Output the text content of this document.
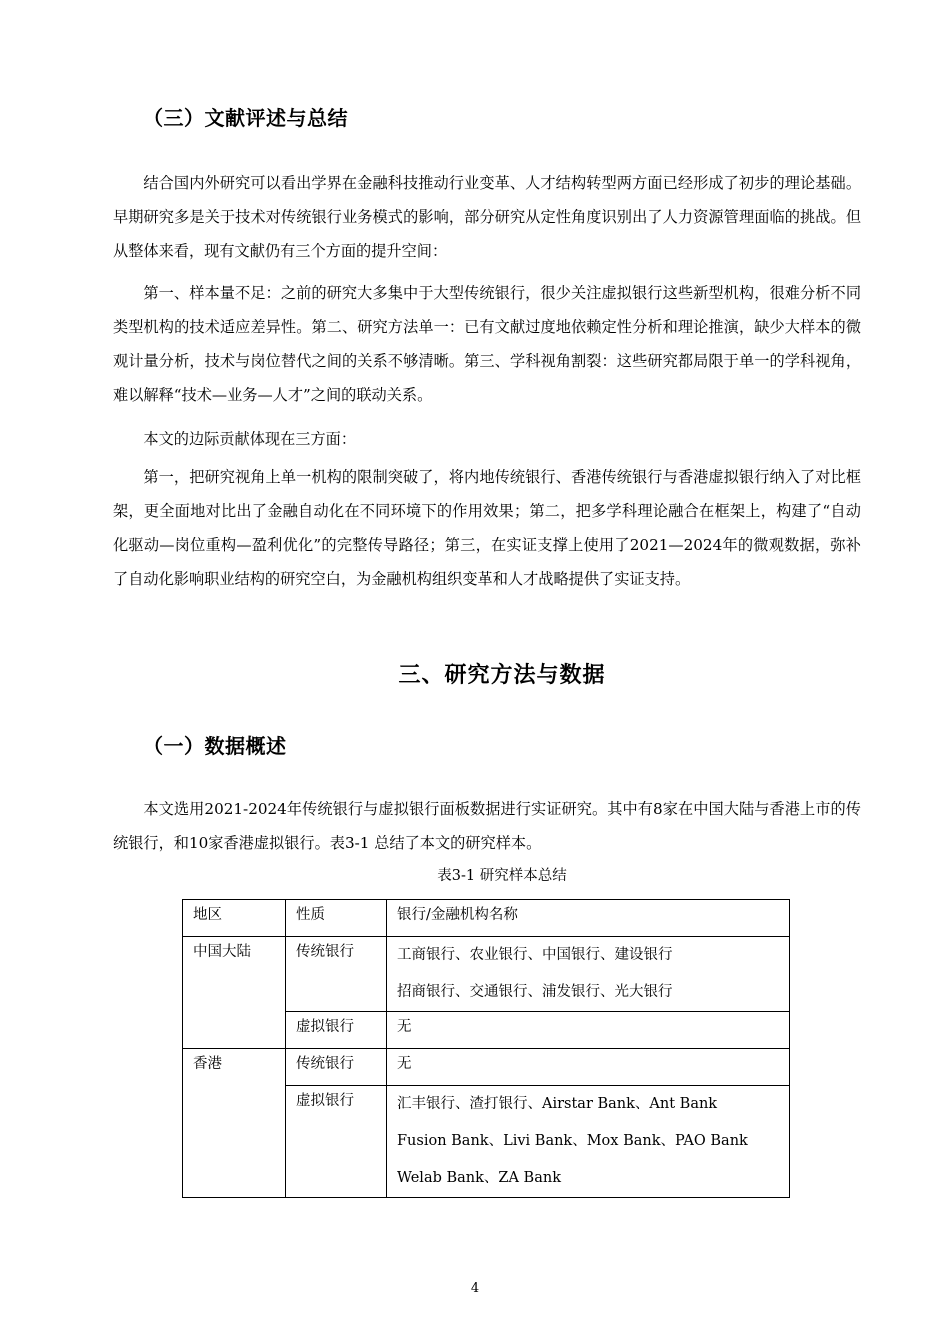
（三）文献评述与总结

结合国内外研究可以看出学界在金融科技推动行业变革、人才结构转型两方面已经形成了初步的理论基础。早期研究多是关于技术对传统银行业务模式的影响，部分研究从定性角度识别出了人力资源管理面临的挑战。但从整体来看，现有文献仍有三个方面的提升空间：

第一、样本量不足：之前的研究大多集中于大型传统银行，很少关注虚拟银行这些新型机构，很难分析不同类型机构的技术适应差异性。第二、研究方法单一：已有文献过度地依赖定性分析和理论推演，缺少大样本的微观计量分析，技术与岗位替代之间的关系不够清晰。第三、学科视角割裂：这些研究都局限于单一的学科视角，难以解释“技术—业务—人才”之间的联动关系。

本文的边际贡献体现在三方面：

第一，把研究视角上单一机构的限制突破了，将内地传统银行、香港传统银行与香港虚拟银行纳入了对比框架，更全面地对比出了金融自动化在不同环境下的作用效果；第二，把多学科理论融合在框架上，构建了“自动化驱动—岗位重构—盈利优化”的完整传导路径；第三，在实证支撑上使用了2021—2024年的微观数据，弥补了自动化影响职业结构的研究空白，为金融机构组织变革和人才战略提供了实证支持。

三、研究方法与数据
（一）数据概述

本文选用2021-2024年传统银行与虚拟银行面板数据进行实证研究。其中有8家在中国大陆与香港上市的传统银行，和10家香港虚拟银行。表3-1 总结了本文的研究样本。

表3-1 研究样本总结
地区	性质	银行/金融机构名称
中国大陆	传统银行	工商银行、农业银行、中国银行、建设银行
招商银行、交通银行、浦发银行、光大银行

	虚拟银行	无
香港	传统银行	无
	虚拟银行	汇丰银行、渣打银行、Airstar Bank、Ant Bank
Fusion Bank、Livi Bank、Mox Bank、PAO Bank
Welab Bank、ZA Bank
4
